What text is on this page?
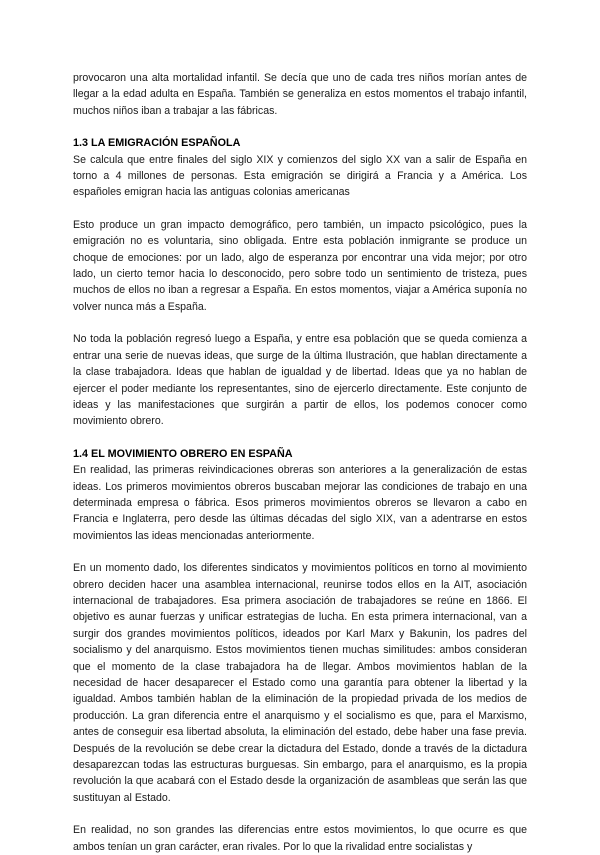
provocaron una alta mortalidad infantil. Se decía que uno de cada tres niños morían antes de llegar a la edad adulta en España. También se generaliza en estos momentos el trabajo infantil, muchos niños iban a trabajar a las fábricas.

1.3 LA EMIGRACIÓN ESPAÑOLA

Se calcula que entre finales del siglo XIX y comienzos del siglo XX van a salir de España en torno a 4 millones de personas. Esta emigración se dirigirá a Francia y a América. Los españoles emigran hacia las antiguas colonias americanas

Esto produce un gran impacto demográfico, pero también, un impacto psicológico, pues la emigración no es voluntaria, sino obligada. Entre esta población inmigrante se produce un choque de emociones: por un lado, algo de esperanza por encontrar una vida mejor; por otro lado, un cierto temor hacia lo desconocido, pero sobre todo un sentimiento de tristeza, pues muchos de ellos no iban a regresar a España. En estos momentos, viajar a América suponía no volver nunca más a España.

No toda la población regresó luego a España, y entre esa población que se queda comienza a entrar una serie de nuevas ideas, que surge de la última Ilustración, que hablan directamente a la clase trabajadora. Ideas que hablan de igualdad y de libertad. Ideas que ya no hablan de ejercer el poder mediante los representantes, sino de ejercerlo directamente. Este conjunto de ideas y las manifestaciones que surgirán a partir de ellos, los podemos conocer como movimiento obrero.

1.4 EL MOVIMIENTO OBRERO EN ESPAÑA

En realidad, las primeras reivindicaciones obreras son anteriores a la generalización de estas ideas. Los primeros movimientos obreros buscaban mejorar las condiciones de trabajo en una determinada empresa o fábrica. Esos primeros movimientos obreros se llevaron a cabo en Francia e Inglaterra, pero desde las últimas décadas del siglo XIX, van a adentrarse en estos movimientos las ideas mencionadas anteriormente.

En un momento dado, los diferentes sindicatos y movimientos políticos en torno al movimiento obrero deciden hacer una asamblea internacional, reunirse todos ellos en la AIT, asociación internacional de trabajadores. Esa primera asociación de trabajadores se reúne en 1866. El objetivo es aunar fuerzas y unificar estrategias de lucha. En esta primera internacional, van a surgir dos grandes movimientos políticos, ideados por Karl Marx y Bakunin, los padres del socialismo y del anarquismo. Estos movimientos tienen muchas similitudes: ambos consideran que el momento de la clase trabajadora ha de llegar. Ambos movimientos hablan de la necesidad de hacer desaparecer el Estado como una garantía para obtener la libertad y la igualdad. Ambos también hablan de la eliminación de la propiedad privada de los medios de producción. La gran diferencia entre el anarquismo y el socialismo es que, para el Marxismo, antes de conseguir esa libertad absoluta, la eliminación del estado, debe haber una fase previa. Después de la revolución se debe crear la dictadura del Estado, donde a través de la dictadura desaparezcan todas las estructuras burguesas. Sin embargo, para el anarquismo, es la propia revolución la que acabará con el Estado desde la organización de asambleas que serán las que sustituyan al Estado.

En realidad, no son grandes las diferencias entre estos movimientos, lo que ocurre es que ambos tenían un gran carácter, eran rivales. Por lo que la rivalidad entre socialistas y
